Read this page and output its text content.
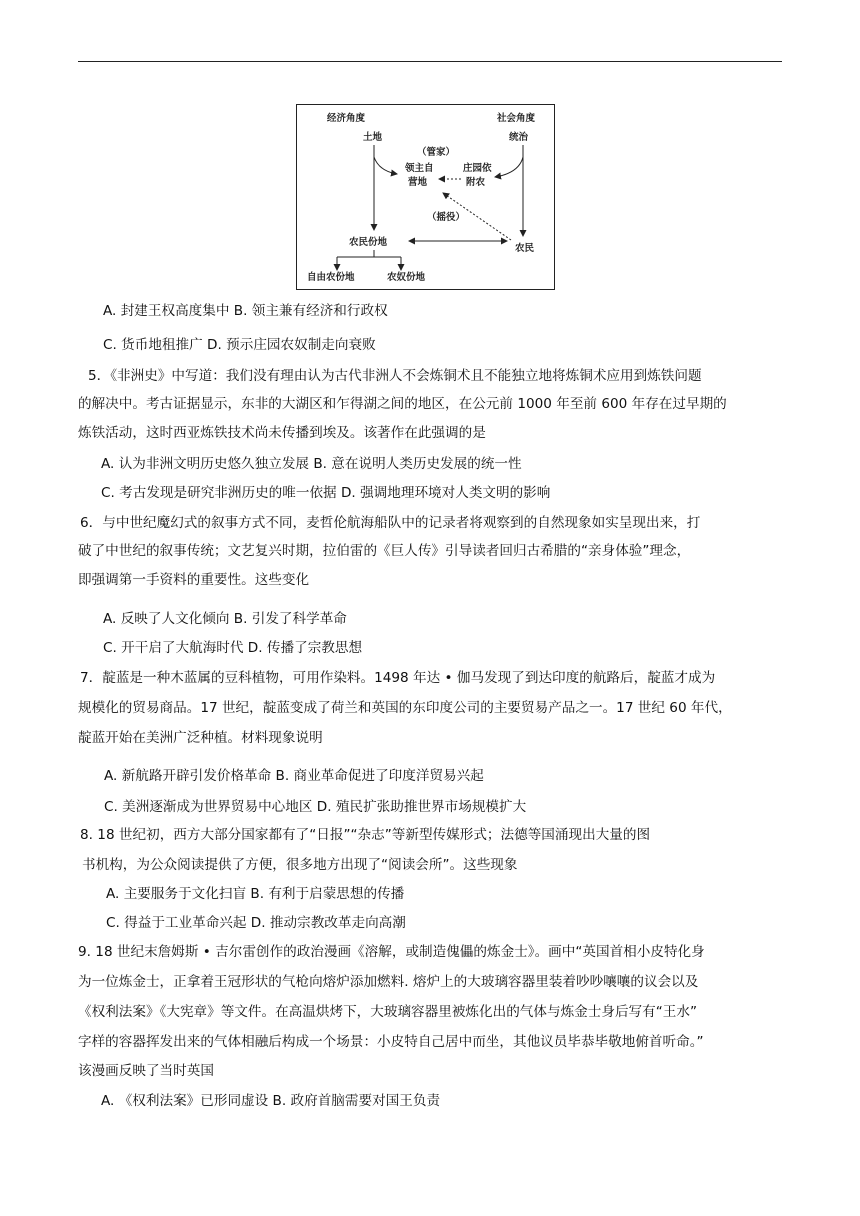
经济角度	社会角度
土地	统治
（管家）
领主自
营地
庄园依
附农
（摇役）
农民份地
农民
自由农份地	农奴份地
A. 封建王权高度集中 B. 领主兼有经济和行政权
C. 货币地租推广 D. 预示庄园农奴制走向衰败
5．《非洲史》中写道：我们没有理由认为古代非洲人不会炼铜术且不能独立地将炼铜术应用到炼铁问题
的解决中。考古证据显示，东非的大湖区和乍得湖之间的地区，在公元前 1000 年至前 600 年存在过早期的
炼铁活动，这时西亚炼铁技术尚未传播到埃及。该著作在此强调的是
A. 认为非洲文明历史悠久独立发展 B. 意在说明人类历史发展的统一性
C. 考古发现是研究非洲历史的唯一依据 D. 强调地理环境对人类文明的影响
6．与中世纪魔幻式的叙事方式不同，麦哲伦航海船队中的记录者将观察到的自然现象如实呈现出来，打
破了中世纪的叙事传统；文艺复兴时期，拉伯雷的《巨人传》引导读者回归古希腊的“亲身体验”理念，
即强调第一手资料的重要性。这些变化
A. 反映了人文化倾向 B. 引发了科学革命
C. 开干启了大航海时代 D. 传播了宗教思想
7．靛蓝是一种木蓝属的豆科植物，可用作染料。1498 年达 • 伽马发现了到达印度的航路后，靛蓝才成为
规模化的贸易商品。17 世纪，靛蓝变成了荷兰和英国的东印度公司的主要贸易产品之一。17 世纪 60 年代，
靛蓝开始在美洲广泛种植。材料现象说明
A. 新航路开辟引发价格革命 B. 商业革命促进了印度洋贸易兴起
C. 美洲逐渐成为世界贸易中心地区 D. 殖民扩张助推世界市场规模扩大
8. 18 世纪初，西方大部分国家都有了“日报”“杂志”等新型传媒形式；法德等国涌现出大量的图
书机构，为公众阅读提供了方便，很多地方出现了“阅读会所”。这些现象
A. 主要服务于文化扫盲 B. 有利于启蒙思想的传播
C. 得益于工业革命兴起 D. 推动宗教改革走向高潮
9. 18 世纪末詹姆斯 • 吉尔雷创作的政治漫画《溶解，或制造傀儡的炼金士》。画中“英国首相小皮特化身
为一位炼金士，正拿着王冠形状的气枪向熔炉添加燃料. 熔炉上的大玻璃容器里装着吵吵嚷嚷的议会以及
《权利法案》《大宪章》等文件。在高温烘烤下，大玻璃容器里被炼化出的气体与炼金士身后写有“王水”
字样的容器挥发出来的气体相融后构成一个场景：小皮特自己居中而坐，其他议员毕恭毕敬地俯首听命。”
该漫画反映了当时英国
A. 《权利法案》已形同虚设 B. 政府首脑需要对国王负责
